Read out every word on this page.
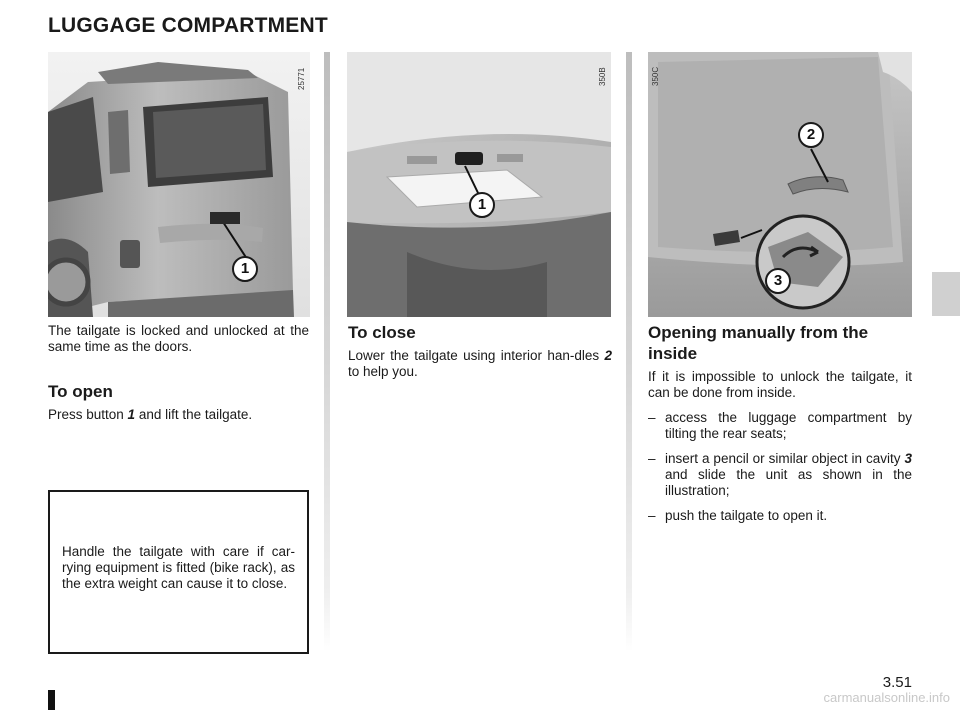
LUGGAGE COMPARTMENT
1
25771
1
350B
2
3
350C

The tailgate is locked and unlocked at the same time as the doors.

To open

Press button 1 and lift the tailgate.

Handle the tailgate with care if car-rying equipment is fitted (bike rack), as the extra weight can cause it to close.

To close

Lower the tailgate using interior han-dles 2 to help you.

Opening manually from the inside

If it is impossible to unlock the tailgate, it can be done from inside.

– access the luggage compartment by tilting the rear seats;
– insert a pencil or similar object in cavity 3 and slide the unit as shown in the illustration;
– push the tailgate to open it.
3.51
carmanualsonline.info
